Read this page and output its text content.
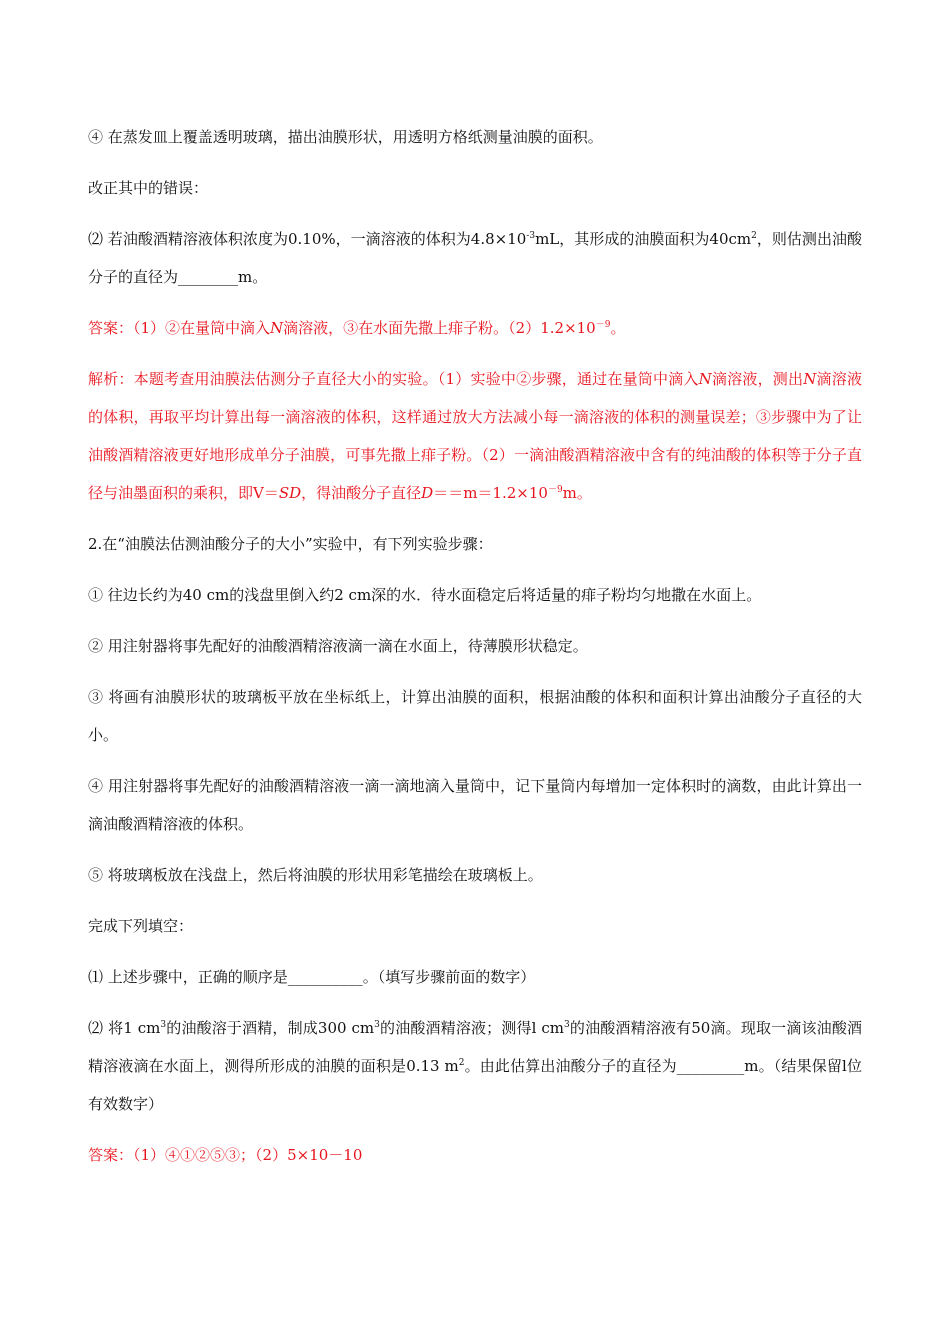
④ 在蒸发皿上覆盖透明玻璃，描出油膜形状，用透明方格纸测量油膜的面积。

改正其中的错误：

⑵ 若油酸酒精溶液体积浓度为0.10%，一滴溶液的体积为$4.8\times 10^{-3}mL$，其形成的油膜面积为$40cm^2$，则估测出油酸分子的直径为________m。

答案：（1）②在量筒中滴入N滴溶液，③在水面先撒上痱子粉。$(2)1.2\times 10^{-9}$。

解析：本题考查用油膜法估测分子直径大小的实验。（1）实验中②步骤，通过在量筒中滴入N滴溶液，测出N滴溶液的体积，再取平均计算出每一滴溶液的体积，这样通过放大方法减小每一滴溶液的体积的测量误差；③步骤中为了让油酸酒精溶液更好地形成单分子油膜，可事先撒上痱子粉。（2）一滴油酸酒精溶液中含有的纯油酸的体积等于分子直径与油墨面积的乘积，即V＝SD，得油酸分子直径$D==m=1.2\times 10^{-9}m$。

2.在“油膜法估测油酸分子的大小”实验中，有下列实验步骤：

① 往边长约为40 cm的浅盘里倒入约2 cm深的水．待水面稳定后将适量的痱子粉均匀地撒在水面上。

② 用注射器将事先配好的油酸酒精溶液滴一滴在水面上，待薄膜形状稳定。

③ 将画有油膜形状的玻璃板平放在坐标纸上，计算出油膜的面积，根据油酸的体积和面积计算出油酸分子直径的大小。

④ 用注射器将事先配好的油酸酒精溶液一滴一滴地滴入量筒中，记下量筒内每增加一定体积时的滴数，由此计算出一滴油酸酒精溶液的体积。

⑤ 将玻璃板放在浅盘上，然后将油膜的形状用彩笔描绘在玻璃板上。

完成下列填空：

⑴ 上述步骤中，正确的顺序是__________。（填写步骤前面的数字）

⑵ 将1 $cm^3$的油酸溶于酒精，制成300 $cm^3$的油酸酒精溶液；测得l $cm^3$的油酸酒精溶液有50滴。现取一滴该油酸酒精溶液滴在水面上，测得所形成的油膜的面积是0.13 $m^2$。由此估算出油酸分子的直径为_________m。（结果保留l位有效数字）

答案：（1）④①②⑤③；（2）5×10－10
